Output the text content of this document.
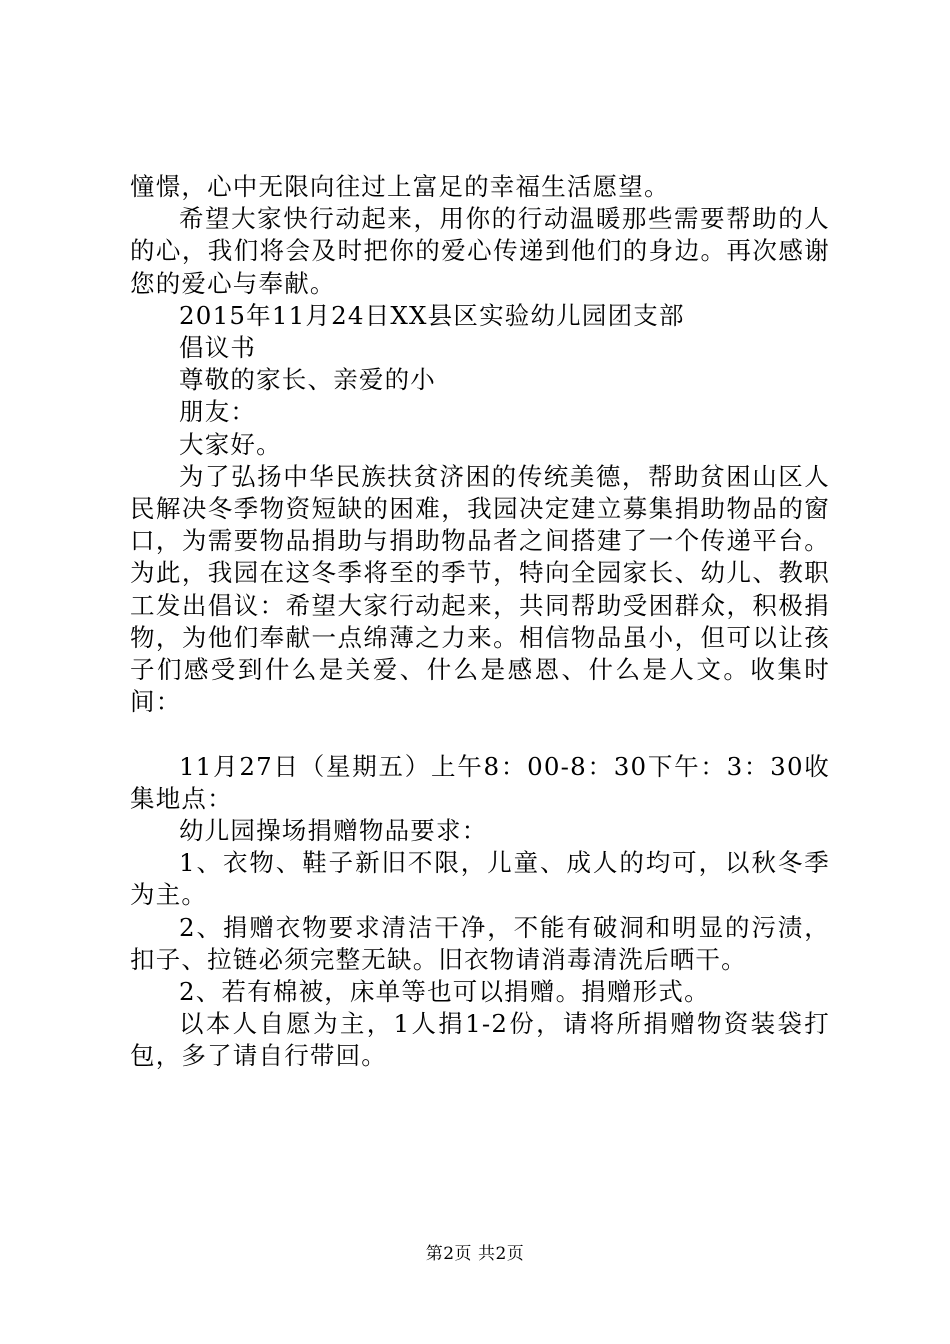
憧憬，心中无限向往过上富足的幸福生活愿望。

希望大家快行动起来，用你的行动温暖那些需要帮助的人的心，我们将会及时把你的爱心传递到他们的身边。再次感谢您的爱心与奉献。

2015年11月24日XX县区实验幼儿园团支部

倡议书

尊敬的家长、亲爱的小

朋友：

大家好。

为了弘扬中华民族扶贫济困的传统美德，帮助贫困山区人民解决冬季物资短缺的困难，我园决定建立募集捐助物品的窗口，为需要物品捐助与捐助物品者之间搭建了一个传递平台。为此，我园在这冬季将至的季节，特向全园家长、幼儿、教职工发出倡议：希望大家行动起来，共同帮助受困群众，积极捐物，为他们奉献一点绵薄之力来。相信物品虽小，但可以让孩子们感受到什么是关爱、什么是感恩、什么是人文。收集时间：

11月27日（星期五）上午8：00-8：30下午：3：30收集地点：

幼儿园操场捐赠物品要求：

1、衣物、鞋子新旧不限，儿童、成人的均可，以秋冬季为主。

2、捐赠衣物要求清洁干净，不能有破洞和明显的污渍，扣子、拉链必须完整无缺。旧衣物请消毒清洗后晒干。

2、若有棉被，床单等也可以捐赠。捐赠形式。

以本人自愿为主，1人捐1-2份，请将所捐赠物资装袋打包，多了请自行带回。

第2页 共2页
